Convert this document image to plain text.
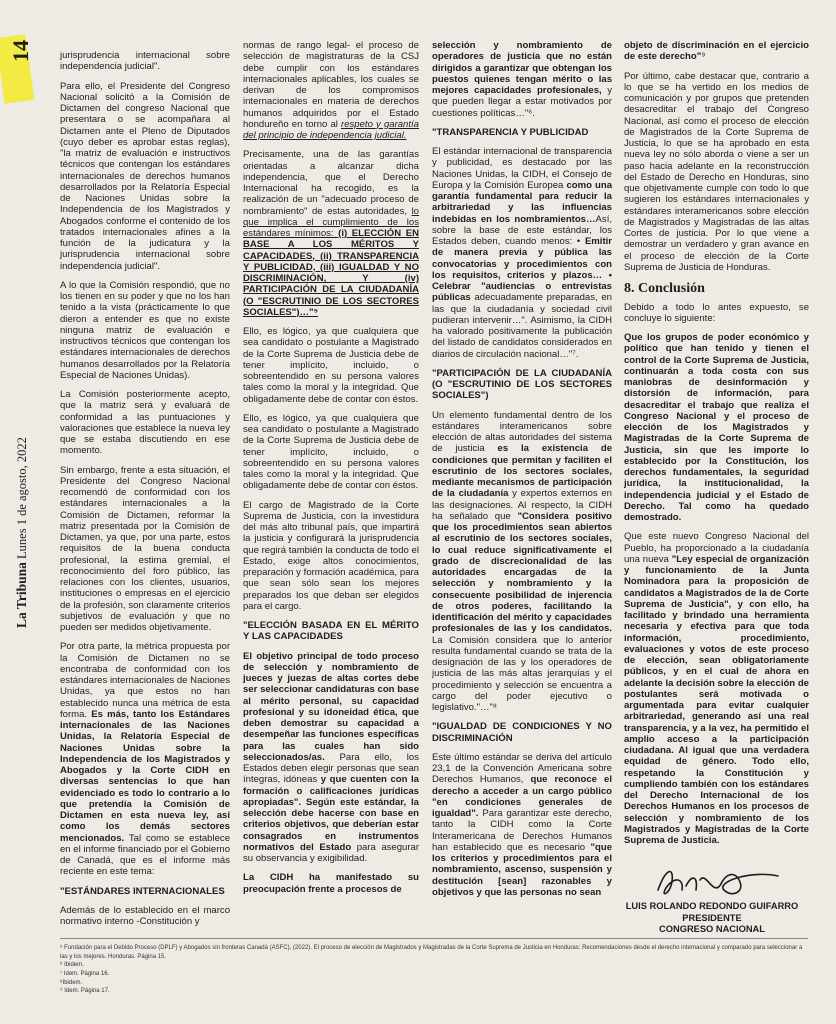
14
La Tribuna Lunes 1 de agosto, 2022

jurisprudencia internacional sobre independencia judicial".

Para ello, el Presidente del Congreso Nacional solicitó a la Comisión de Dictamen del congreso Nacional que presentara o se acompañara al Dictamen ante el Pleno de Diputados (cuyo deber es aprobar estas reglas), "la matriz de evaluación e instructivos técnicos que contengan los estándares internacionales de derechos humanos desarrollados por la Relatoría Especial de Naciones Unidas sobre la Independencia de los Magistrados y Abogados conforme el contenido de los tratados internacionales afines a la función de la judicatura y la jurisprudencia internacional sobre independencia judicial".

A lo que la Comisión respondió, que no los tienen en su poder y que no los han tenido a la vista (prácticamente lo que dieron a entender es que no existe ninguna matriz de evaluación e instructivos técnicos que contengan los estándares internacionales de derechos humanos desarrollados por la Relatoría Especial de Naciones Unidas).

La Comisión posteriormente acepto, que la matriz será y evaluará de conformidad a las puntuaciones y valoraciones que establece la nueva ley que se estaba discutiendo en ese momento.

Sin embargo, frente a esta situación, el Presidente del Congreso Nacional recomendó de conformidad con los estándares internacionales a la Comisión de Dictamen, reformar la matriz presentada por la Comisión de Dictamen, ya que, por una parte, estos requisitos de la buena conducta profesional, la estima gremial, el reconocimiento del foro público, las relaciones con los clientes, usuarios, instituciones o empresas en el ejercicio de la profesión, son claramente criterios subjetivos de evaluación y que no pueden ser medidos objetivamente.

Por otra parte, la métrica propuesta por la Comisión de Dictamen no se encontraba de conformidad con los estándares internacionales de Naciones Unidas, ya que estos no han establecido nunca una métrica de esta forma. Es más, tanto los Estándares internacionales de las Naciones Unidas, la Relatoría Especial de Naciones Unidas sobre la Independencia de los Magistrados y Abogados y la Corte CIDH en diversas sentencias lo que han evidenciado es todo lo contrario a lo que pretendía la Comisión de Dictamen en esta nueva ley, así como los demás sectores mencionados. Tal como se establece en el informe financiado por el Gobierno de Canadá, que es el informe más reciente en este tema:

"ESTÁNDARES INTERNACIONALES

Además de lo establecido en el marco normativo interno -Constitución y

normas de rango legal- el proceso de selección de magistraturas de la CSJ debe cumplir con los estándares internacionales aplicables, los cuales se derivan de los compromisos internacionales en materia de derechos humanos adquiridos por el Estado hondureño en torno al respeto y garantía del principio de independencia judicial.

Precisamente, una de las garantías orientadas a alcanzar dicha independencia, que el Derecho Internacional ha recogido, es la realización de un "adecuado proceso de nombramiento" de estas autoridades, lo que implica el cumplimiento de los estándares mínimos: (i) ELECCIÓN EN BASE A LOS MÉRITOS Y CAPACIDADES, (ii) TRANSPARENCIA Y PUBLICIDAD, (iii) IGUALDAD Y NO DISCRIMINACIÓN, Y (iv) PARTICIPACIÓN DE LA CIUDADANÍA (O "ESCRUTINIO DE LOS SECTORES SOCIALES")…"⁵

Ello, es lógico, ya que cualquiera que sea candidato o postulante a Magistrado de la Corte Suprema de Justicia debe de tener implícito, incluido, o sobreentendido en su persona valores tales como la moral y la integridad. Que obligadamente debe de contar con éstos.

Ello, es lógico, ya que cualquiera que sea candidato o postulante a Magistrado de la Corte Suprema de Justicia debe de tener implícito, incluido, o sobreentendido en su persona valores tales como la moral y la integridad. Que obligadamente debe de contar con éstos.

El cargo de Magistrado de la Corte Suprema de Justicia, con la investidura del más alto tribunal país, que impartirá la justicia y configurará la jurisprudencia que regirá también la conducta de todo el Estado, exige altos conocimientos, preparación y formación académica, para que sean sólo sean los mejores preparados los que deban ser elegidos para el cargo.

"ELECCIÓN BASADA EN EL MÉRITO Y LAS CAPACIDADES

El objetivo principal de todo proceso de selección y nombramiento de jueces y juezas de altas cortes debe ser seleccionar candidaturas con base al mérito personal, su capacidad profesional y su idoneidad ética, que deben demostrar su capacidad a desempeñar las funciones específicas para las cuales han sido seleccionados/as. Para ello, los Estados deben elegir personas que sean íntegras, idóneas y que cuenten con la formación o calificaciones jurídicas apropiadas". Según este estándar, la selección debe hacerse con base en criterios objetivos, que deberían estar consagrados en instrumentos normativos del Estado para asegurar su observancia y exigibilidad.

La CIDH ha manifestado su preocupación frente a procesos de

selección y nombramiento de operadores de justicia que no están dirigidos a garantizar que obtengan los puestos quienes tengan mérito o las mejores capacidades profesionales, y que pueden llegar a estar motivados por cuestiones políticas…"⁶.

"TRANSPARENCIA Y PUBLICIDAD

El estándar internacional de transparencia y publicidad, es destacado por las Naciones Unidas, la CIDH, el Consejo de Europa y la Comisión Europea como una garantía fundamental para reducir la arbitrariedad y las influencias indebidas en los nombramientos…Así, sobre la base de este estándar, los Estados deben, cuando menos: • Emitir de manera previa y pública las convocatorias y procedimientos con los requisitos, criterios y plazos… • Celebrar "audiencias o entrevistas públicas adecuadamente preparadas, en las que la ciudadanía y sociedad civil pudieran intervenir…". Asimismo, la CIDH ha valorado positivamente la publicación del listado de candidatos considerados en diarios de circulación nacional…"⁷.

"PARTICIPACIÓN DE LA CIUDADANÍA (O "ESCRUTINIO DE LOS SECTORES SOCIALES")

Un elemento fundamental dentro de los estándares interamericanos sobre elección de altas autoridades del sistema de justicia es la existencia de condiciones que permitan y faciliten el escrutinio de los sectores sociales, mediante mecanismos de participación de la ciudadanía y expertos externos en las designaciones. Al respecto, la CIDH ha señalado que "Considera positivo que los procedimientos sean abiertos al escrutinio de los sectores sociales, lo cual reduce significativamente el grado de discrecionalidad de las autoridades encargadas de la selección y nombramiento y la consecuente posibilidad de injerencia de otros poderes, facilitando la identificación del mérito y capacidades profesionales de las y los candidatos. La Comisión considera que lo anterior resulta fundamental cuando se trata de la designación de las y los operadores de justicia de las más altas jerarquías y el procedimiento y selección se encuentra a cargo del poder ejecutivo o legislativo."…"⁸

"IGUALDAD DE CONDICIONES Y NO DISCRIMINACIÓN

Este último estándar se deriva del artículo 23,1 de la Convención Americana sobre Derechos Humanos, que reconoce el derecho a acceder a un cargo público "en condiciones generales de igualdad". Para garantizar este derecho, tanto la CIDH como la Corte Interamericana de Derechos Humanos han establecido que es necesario "que los criterios y procedimientos para el nombramiento, ascenso, suspensión y destitución [sean] razonables y objetivos y que las personas no sean

objeto de discriminación en el ejercicio de este derecho"⁹

Por último, cabe destacar que, contrario a lo que se ha vertido en los medios de comunicación y por grupos que pretenden desacreditar el trabajo del Congreso Nacional, así como el proceso de elección de Magistrados de la Corte Suprema de Justicia, lo que se ha aprobado en esta nueva ley no sólo aborda o viene a ser un paso hacia adelante en la reconstrucción del Estado de Derecho en Honduras, sino que objetivamente cumple con todo lo que sugieren los estándares internacionales y estándares interamericanos sobre elección de Magistrados y Magistradas de las altas Cortes de justicia. Por lo que viene a demostrar un verdadero y gran avance en el proceso de elección de la Corte Suprema de Justicia de Honduras.

8. Conclusión

Debido a todo lo antes expuesto, se concluye lo siguiente:

Que los grupos de poder económico y político que han tenido y tienen el control de la Corte Suprema de Justicia, continuarán a toda costa con sus maniobras de desinformación y distorsión de información, para desacreditar el trabajo que realiza el Congreso Nacional y el proceso de elección de los Magistrados y Magistradas de la Corte Suprema de Justicia, sin que les importe lo establecido por la Constitución, los derechos fundamentales, la seguridad jurídica, la institucionalidad, la independencia judicial y el Estado de Derecho. Tal como ha quedado demostrado.

Que este nuevo Congreso Nacional del Pueblo, ha proporcionado a la ciudadanía una nueva "Ley especial de organización y funcionamiento de la Junta Nominadora para la proposición de candidatos a Magistrados de la de Corte Suprema de Justicia", y con ello, ha facilitado y brindado una herramienta necesaria y efectiva para que toda información, procedimiento, evaluaciones y votos de este proceso de elección, sean obligatoriamente públicos, y en el cual de ahora en adelante la decisión sobre la elección de postulantes será motivada o argumentada para evitar cualquier arbitrariedad, generando así una real transparencia, y a la vez, ha permitido el amplio acceso a la participación ciudadana. Al igual que una verdadera equidad de género. Todo ello, respetando la Constitución y cumpliendo también con los estándares del Derecho Internacional de los Derechos Humanos en los procesos de selección y nombramiento de los Magistrados y Magistradas de la Corte Suprema de Justicia.

LUIS ROLANDO REDONDO GUIFARRO
PRESIDENTE
CONGRESO NACIONAL
⁵ Fundación para el Debido Proceso (DPLF) y Abogados sin fronteras Canadá (ASFC), (2022). El proceso de elección de Magistrados y Magistradas de la Corte Suprema de Justicia en Honduras: Recomendaciones desde el derecho internacional y comparado para seleccionar a las y los mejores. Honduras. Página 15.
⁶ Ibidem.
⁷ Idem. Página 16.
⁸Ibidem.
⁹ Idem. Página 17.
